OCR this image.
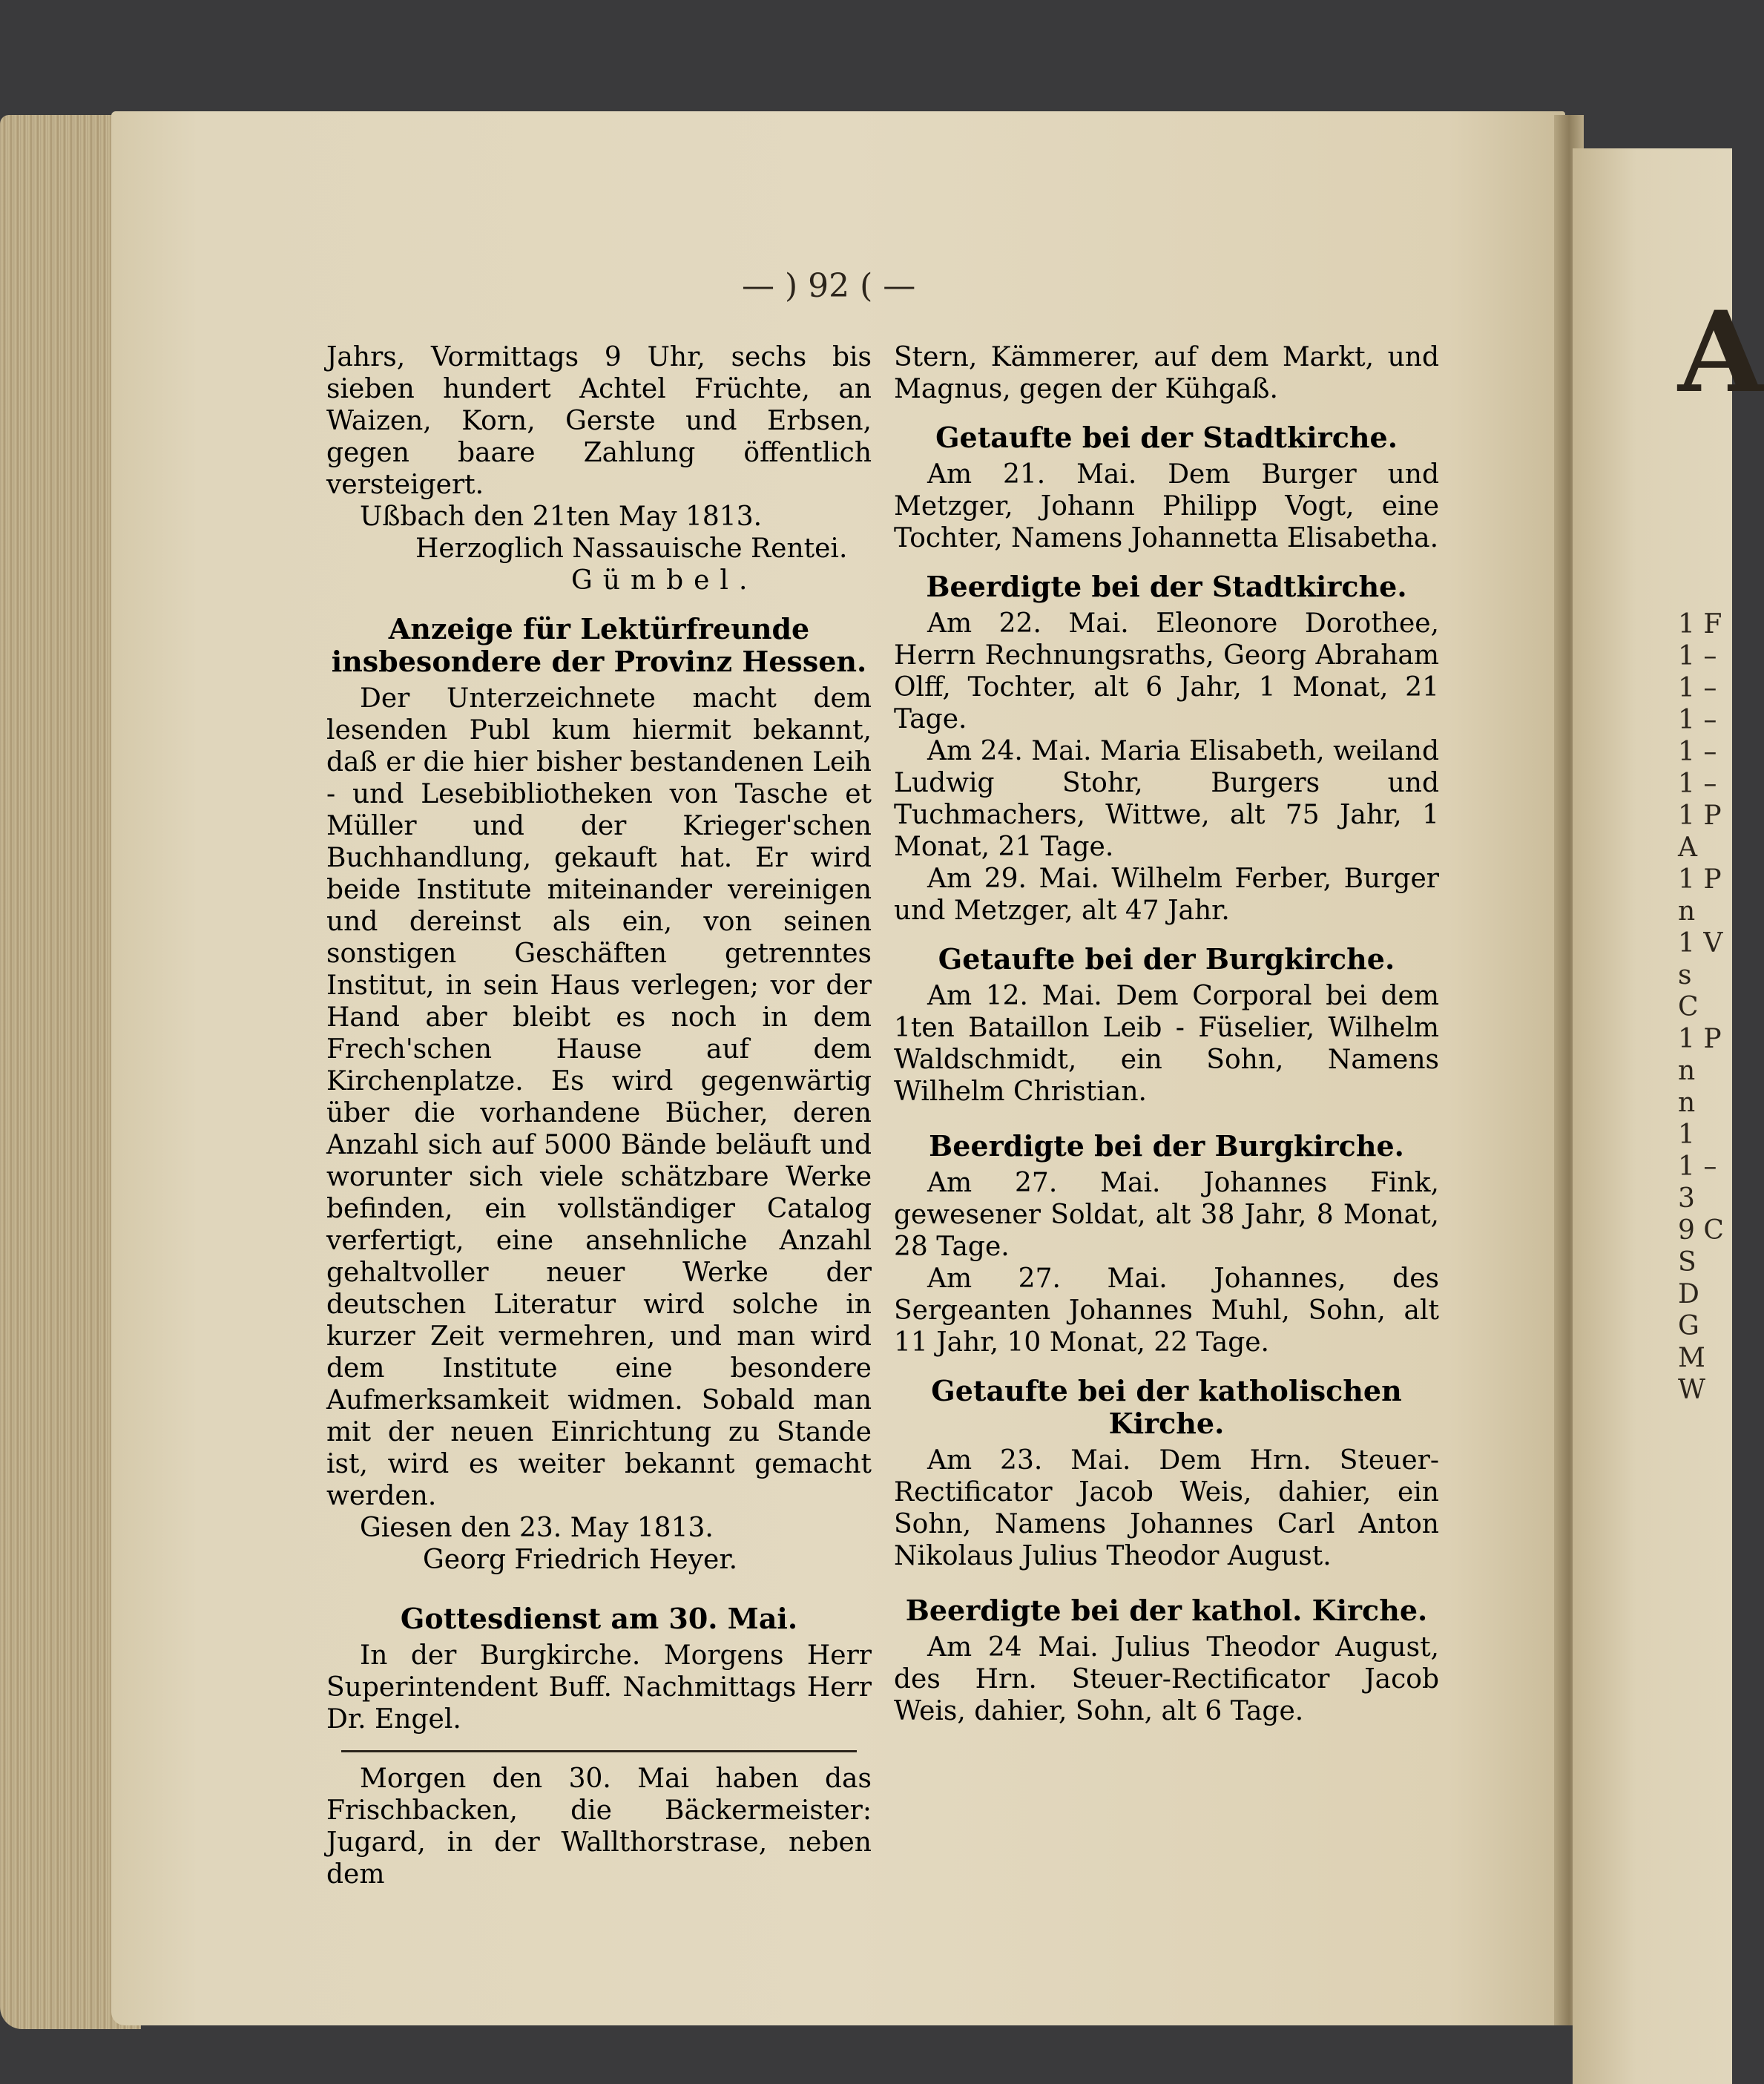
— ) 92 ( —

Jahrs, Vormittags 9 Uhr, sechs bis sieben hundert Achtel Früchte, an Waizen, Korn, Gerste und Erbsen, gegen baare Zahlung öffentlich versteigert.

Ußbach den 21ten May 1813.

Herzoglich Nassauische Rentei.

Gümbel.

Anzeige für Lektürfreunde insbesondere der Provinz Hessen.

Der Unterzeichnete macht dem lesenden Publ kum hiermit bekannt, daß er die hier bisher bestandenen Leih - und Lesebibliotheken von Tasche et Müller und der Krieger'schen Buchhandlung, gekauft hat. Er wird beide Institute miteinander vereinigen und dereinst als ein, von seinen sonstigen Geschäften getrenntes Institut, in sein Haus verlegen; vor der Hand aber bleibt es noch in dem Frech'schen Hause auf dem Kirchenplatze. Es wird gegenwärtig über die vorhandene Bücher, deren Anzahl sich auf 5000 Bände beläuft und worunter sich viele schätzbare Werke befinden, ein vollständiger Catalog verfertigt, eine ansehnliche Anzahl gehaltvoller neuer Werke der deutschen Literatur wird solche in kurzer Zeit vermehren, und man wird dem Institute eine besondere Aufmerksamkeit widmen. Sobald man mit der neuen Einrichtung zu Stande ist, wird es weiter bekannt gemacht werden.

Giesen den 23. May 1813.

Georg Friedrich Heyer.

Gottesdienst am 30. Mai.

In der Burgkirche. Morgens Herr Superintendent Buff. Nachmittags Herr Dr. Engel.

Morgen den 30. Mai haben das Frischbacken, die Bäckermeister: Jugard, in der Wallthorstrase, neben dem

Stern, Kämmerer, auf dem Markt, und Magnus, gegen der Kühgaß.

Getaufte bei der Stadtkirche.

Am 21. Mai. Dem Burger und Metzger, Johann Philipp Vogt, eine Tochter, Namens Johannetta Elisabetha.

Beerdigte bei der Stadtkirche.

Am 22. Mai. Eleonore Dorothee, Herrn Rechnungsraths, Georg Abraham Olff, Tochter, alt 6 Jahr, 1 Monat, 21 Tage.

Am 24. Mai. Maria Elisabeth, weiland Ludwig Stohr, Burgers und Tuchmachers, Wittwe, alt 75 Jahr, 1 Monat, 21 Tage.

Am 29. Mai. Wilhelm Ferber, Burger und Metzger, alt 47 Jahr.

Getaufte bei der Burgkirche.

Am 12. Mai. Dem Corporal bei dem 1ten Bataillon Leib - Füselier, Wilhelm Waldschmidt, ein Sohn, Namens Wilhelm Christian.

Beerdigte bei der Burgkirche.

Am 27. Mai. Johannes Fink, gewesener Soldat, alt 38 Jahr, 8 Monat, 28 Tage.

Am 27. Mai. Johannes, des Sergeanten Johannes Muhl, Sohn, alt 11 Jahr, 10 Monat, 22 Tage.

Getaufte bei der katholischen Kirche.

Am 23. Mai. Dem Hrn. Steuer-Rectificator Jacob Weis, dahier, ein Sohn, Namens Johannes Carl Anton Nikolaus Julius Theodor August.

Beerdigte bei der kathol. Kirche.

Am 24 Mai. Julius Theodor August, des Hrn. Steuer-Rectificator Jacob Weis, dahier, Sohn, alt 6 Tage.

A
1 F
1 –
1 –
1 –
1 –
1 –
1 P
A
1 P
n
1 V
s
C
1 P
n
n
1
1 –
3
9 C
S
D
G
M
W
